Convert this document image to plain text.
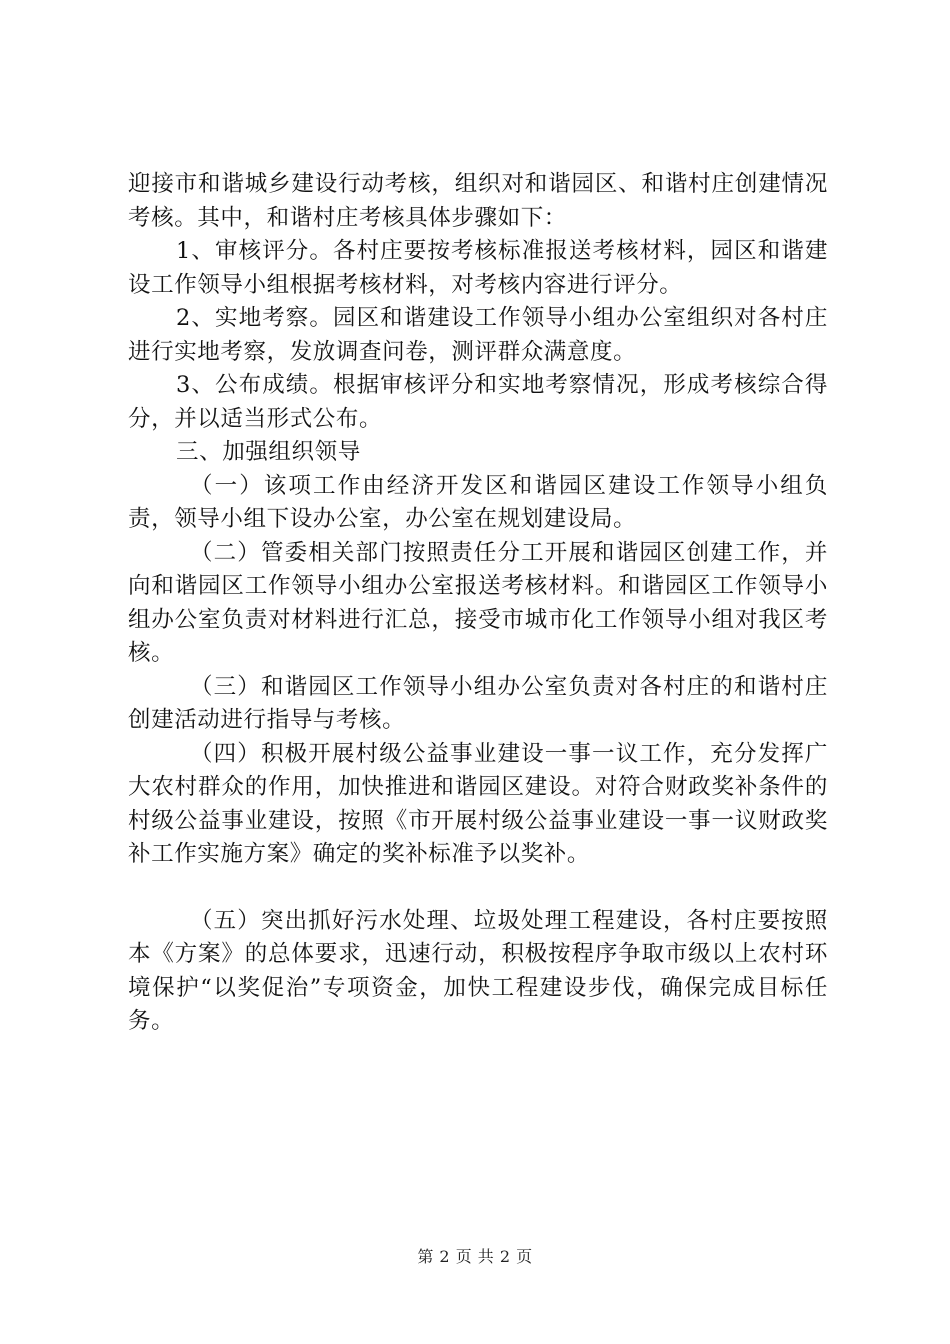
迎接市和谐城乡建设行动考核，组织对和谐园区、和谐村庄创建情况考核。其中，和谐村庄考核具体步骤如下：

1、审核评分。各村庄要按考核标准报送考核材料，园区和谐建设工作领导小组根据考核材料，对考核内容进行评分。

2、实地考察。园区和谐建设工作领导小组办公室组织对各村庄进行实地考察，发放调查问卷，测评群众满意度。

3、公布成绩。根据审核评分和实地考察情况，形成考核综合得分，并以适当形式公布。

三、加强组织领导

（一）该项工作由经济开发区和谐园区建设工作领导小组负责，领导小组下设办公室，办公室在规划建设局。

（二）管委相关部门按照责任分工开展和谐园区创建工作，并向和谐园区工作领导小组办公室报送考核材料。和谐园区工作领导小组办公室负责对材料进行汇总，接受市城市化工作领导小组对我区考核。

（三）和谐园区工作领导小组办公室负责对各村庄的和谐村庄创建活动进行指导与考核。

（四）积极开展村级公益事业建设一事一议工作，充分发挥广大农村群众的作用，加快推进和谐园区建设。对符合财政奖补条件的村级公益事业建设，按照《市开展村级公益事业建设一事一议财政奖补工作实施方案》确定的奖补标准予以奖补。

（五）突出抓好污水处理、垃圾处理工程建设，各村庄要按照本《方案》的总体要求，迅速行动，积极按程序争取市级以上农村环境保护“以奖促治”专项资金，加快工程建设步伐，确保完成目标任务。

第 2 页 共 2 页
